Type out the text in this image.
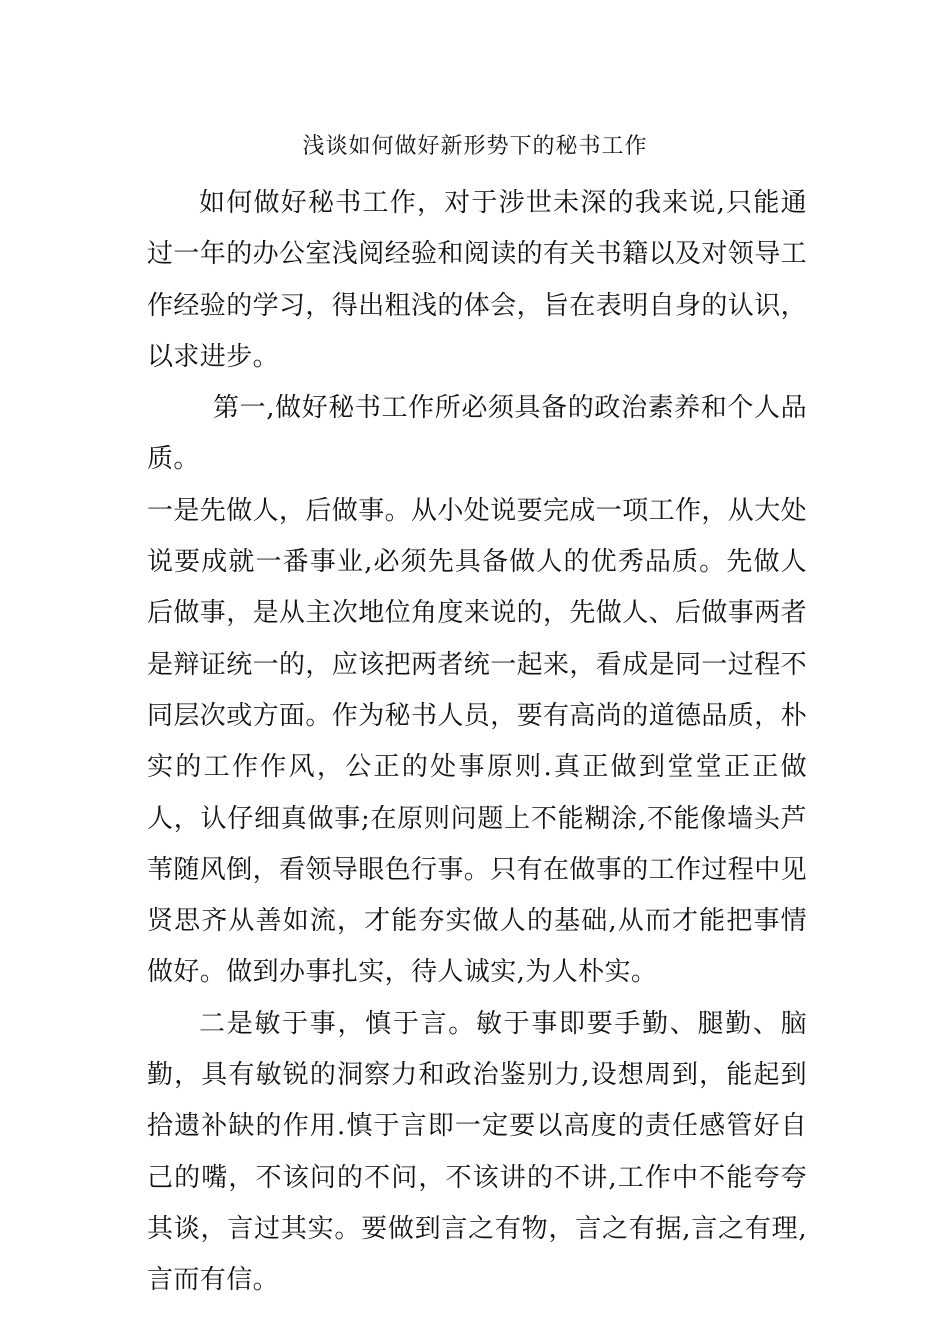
浅谈如何做好新形势下的秘书工作

如何做好秘书工作，对于涉世未深的我来说,只能通过一年的办公室浅阅经验和阅读的有关书籍以及对领导工作经验的学习，得出粗浅的体会，旨在表明自身的认识，以求进步。

第一,做好秘书工作所必须具备的政治素养和个人品质。

一是先做人，后做事。从小处说要完成一项工作，从大处说要成就一番事业,必须先具备做人的优秀品质。先做人后做事，是从主次地位角度来说的，先做人、后做事两者是辩证统一的，应该把两者统一起来，看成是同一过程不同层次或方面。作为秘书人员，要有高尚的道德品质，朴实的工作作风，公正的处事原则.真正做到堂堂正正做人，认仔细真做事;在原则问题上不能糊涂,不能像墙头芦苇随风倒，看领导眼色行事。只有在做事的工作过程中见贤思齐从善如流，才能夯实做人的基础,从而才能把事情做好。做到办事扎实，待人诚实,为人朴实。

二是敏于事，慎于言。敏于事即要手勤、腿勤、脑勤，具有敏锐的洞察力和政治鉴别力,设想周到，能起到拾遗补缺的作用.慎于言即一定要以高度的责任感管好自己的嘴，不该问的不问，不该讲的不讲,工作中不能夸夸其谈，言过其实。要做到言之有物，言之有据,言之有理,言而有信。
